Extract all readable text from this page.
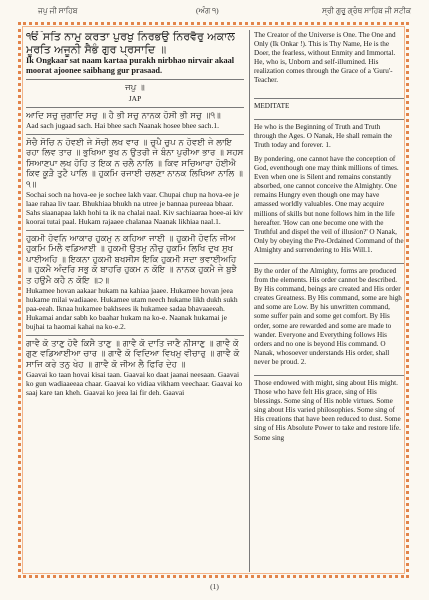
ਜਪੁ ਜੀ ਸਾਹਿਬ	(ਅੰਗ ੧)	ਸ੍ਰੀ ਗੁਰੂ ਗ੍ਰੰਥ ਸਾਹਿਬ ਜੀ ਸਟੀਕ

ੴ ਸਤਿ ਨਾਮੁ ਕਰਤਾ ਪੁਰਖੁ ਨਿਰਭਉ ਨਿਰਵੈਰੁ ਅਕਾਲ ਮੂਰਤਿ ਅਜੂਨੀ ਸੈਭੰ ਗੁਰ ਪ੍ਰਸਾਦਿ ॥

Ik Ongkaar sat naam kartaa purakh nirbhao nirvair akaal moorat ajoonee saibhang gur prasaad.

ਜਪੁ ॥

JAP

ਆਦਿ ਸਚੁ ਜੁਗਾਦਿ ਸਚੁ ॥ ਹੈ ਭੀ ਸਚੁ ਨਾਨਕ ਹੋਸੀ ਭੀ ਸਚੁ ॥੧॥

Aad sach jugaad sach. Hai bhee sach Naanak hosee bhee sach.1.

ਸੋਚੈ ਸੋਚਿ ਨ ਹੋਵਈ ਜੇ ਸੋਚੀ ਲਖ ਵਾਰ ॥ ਚੁਪੈ ਚੁਪ ਨ ਹੋਵਈ ਜੇ ਲਾਇ ਰਹਾ ਲਿਵ ਤਾਰ ॥ ਭੁਖਿਆ ਭੁਖ ਨ ਉਤਰੀ ਜੇ ਬੰਨਾ ਪੁਰੀਆ ਭਾਰ ॥ ਸਹਸ ਸਿਆਣਪਾ ਲਖ ਹੋਹਿ ਤ ਇਕ ਨ ਚਲੈ ਨਾਲਿ ॥ ਕਿਵ ਸਚਿਆਰਾ ਹੋਈਐ ਕਿਵ ਕੂੜੈ ਤੁਟੈ ਪਾਲਿ ॥ ਹੁਕਮਿ ਰਜਾਈ ਚਲਣਾ ਨਾਨਕ ਲਿਖਿਆ ਨਾਲਿ ॥੧॥

Sochai soch na hova-ee je sochee lakh vaar. Chupai chup na hova-ee je laae rahaa liv taar. Bhukhiaa bhukh na utree je bannaa pureeaa bhaar. Sahs siaanapaa lakh hohi ta ik na chalai naal. Kiv sachiaaraa hoee-ai kiv koorai tutai paal. Hukam rajaaee chalanaa Naanak likhiaa naal.1.

ਹੁਕਮੀ ਹੋਵਨਿ ਆਕਾਰ ਹੁਕਮੁ ਨ ਕਹਿਆ ਜਾਈ ॥ ਹੁਕਮੀ ਹੋਵਨਿ ਜੀਅ ਹੁਕਮਿ ਮਿਲੈ ਵਡਿਆਈ ॥ ਹੁਕਮੀ ਉਤਮੁ ਨੀਚੁ ਹੁਕਮਿ ਲਿਖਿ ਦੁਖ ਸੁਖ ਪਾਈਅਹਿ ॥ ਇਕਨਾ ਹੁਕਮੀ ਬਖਸੀਸ ਇਕਿ ਹੁਕਮੀ ਸਦਾ ਭਵਾਈਅਹਿ ॥ ਹੁਕਮੈ ਅੰਦਰਿ ਸਭੁ ਕੋ ਬਾਹਰਿ ਹੁਕਮ ਨ ਕੋਇ ॥ ਨਾਨਕ ਹੁਕਮੈ ਜੇ ਬੁਝੈ ਤ ਹਉਮੈ ਕਹੈ ਨ ਕੋਇ ॥੨॥

Hukamee hovan aakaar hukam na kahiaa jaaee. Hukamee hovan jeea hukame milai wadiaaee. Hukamee utam neech hukame likh dukh sukh paa-eeah. Iknaa hukamee bakhsees ik hukamee sadaa bhavaaeeah. Hukamai andar sabh ko baahar hukam na ko-e. Naanak hukamai je bujhai ta haomai kahai na ko-e.2.

ਗਾਵੈ ਕੋ ਤਾਣੁ ਹੋਵੈ ਕਿਸੈ ਤਾਣੁ ॥ ਗਾਵੈ ਕੋ ਦਾਤਿ ਜਾਣੈ ਨੀਸਾਣੁ ॥ ਗਾਵੈ ਕੋ ਗੁਣ ਵਡਿਆਈਆ ਚਾਰ ॥ ਗਾਵੈ ਕੋ ਵਿਦਿਆ ਵਿਖਮੁ ਵੀਚਾਰੁ ॥ ਗਾਵੈ ਕੋ ਸਾਜਿ ਕਰੇ ਤਨੁ ਖੇਹ ॥ ਗਾਵੈ ਕੋ ਜੀਅ ਲੈ ਫਿਰਿ ਦੇਹ ॥

Gaavai ko taan hovai kisai taan. Gaavai ko daat jaanai neesaan. Gaavai ko gun wadiaaeeaa chaar. Gaavai ko vidiaa vikham veechaar. Gaavai ko saaj kare tan kheh. Gaavai ko jeea lai fir deh. Gaavai

The Creator of the Universe is One. The One and Only (Ik Onkar !). This is Thy Name, He is the Doer, the fearless, without Enmity and Immortal. He, who is, Unborn and self-illumined. His realization comes through the Grace of a 'Guru'-Teacher.

MEDITATE

He who is the Beginning of Truth and Truth through the Ages. O Nanak, He shall remain the Truth today and forever. 1.

By pondering, one cannot have the conception of God, eventhough one may think millions of times. Even when one is Silent and remains constantly absorbed, one cannot conceive the Almighty. One remains Hungry even though one may have amassed worldly valuables. One may acquire millions of skills but none follows him in the life hereafter. 'How can one become one with the Truthful and dispel the veil of illusion?' O Nanak, Only by obeying the Pre-Ordained Command of the Almighty and surrendering to His Will.1.

By the order of the Almighty, forms are produced from the elements. His order cannot be described. By His command, beings are created and His order creates Greatness. By His command, some are high and some are Low. By his unwritten command, some suffer pain and some get comfort. By His order, some are rewarded and some are made to wander. Everyone and Everything follows His orders and no one is beyond His command. O Nanak, whosoever understands His order, shall never be proud. 2.

Those endowed with might, sing about His might. Those who have felt His grace, sing of His blessings. Some sing of His noble virtues. Some sing about His varied philosophies. Some sing of His creations that have been reduced to dust. Some sing of His Absolute Power to take and restore life. Some sing

(1)
